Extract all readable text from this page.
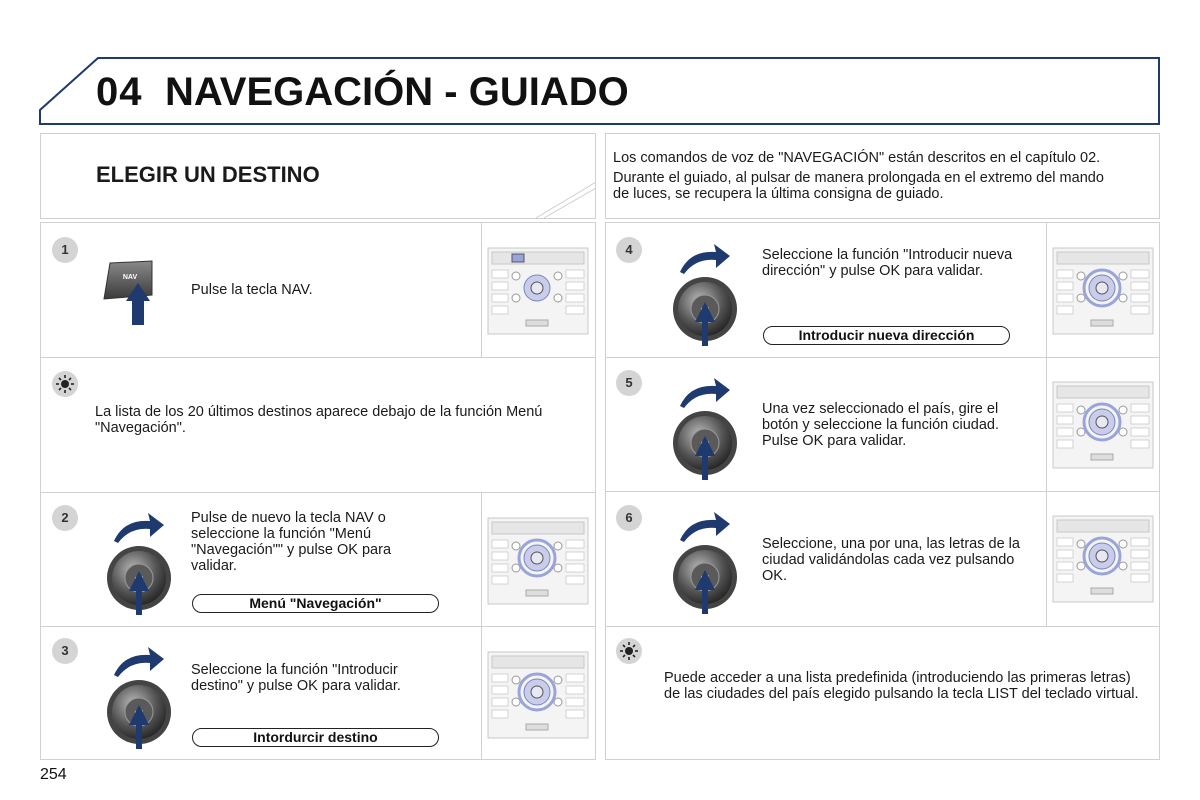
04 NAVEGACIÓN - GUIADO
ELEGIR UN DESTINO
Los comandos de voz de "NAVEGACIÓN" están descritos en el capítulo 02.
Durante el guiado, al pulsar de manera prolongada en el extremo del mando de luces, se recupera la última consigna de guiado.
1
2
3
4
5
6
NAV
Pulse la tecla NAV.
La lista de los 20 últimos destinos aparece debajo de la función Menú "Navegación".
Pulse de nuevo la tecla NAV o seleccione la función "Menú "Navegación"" y pulse OK para validar.
Menú "Navegación"
Seleccione la función "Introducir destino" y pulse OK para validar.
Intordurcir destino
Seleccione la función "Introducir nueva dirección" y pulse OK para validar.
Introducir nueva dirección
Una vez seleccionado el país, gire el botón y seleccione la función ciudad. Pulse OK para validar.
Seleccione, una por una, las letras de la ciudad validándolas cada vez pulsando OK.
Puede acceder a una lista predefinida (introduciendo las primeras letras) de las ciudades del país elegido pulsando la tecla LIST del teclado virtual.
254
